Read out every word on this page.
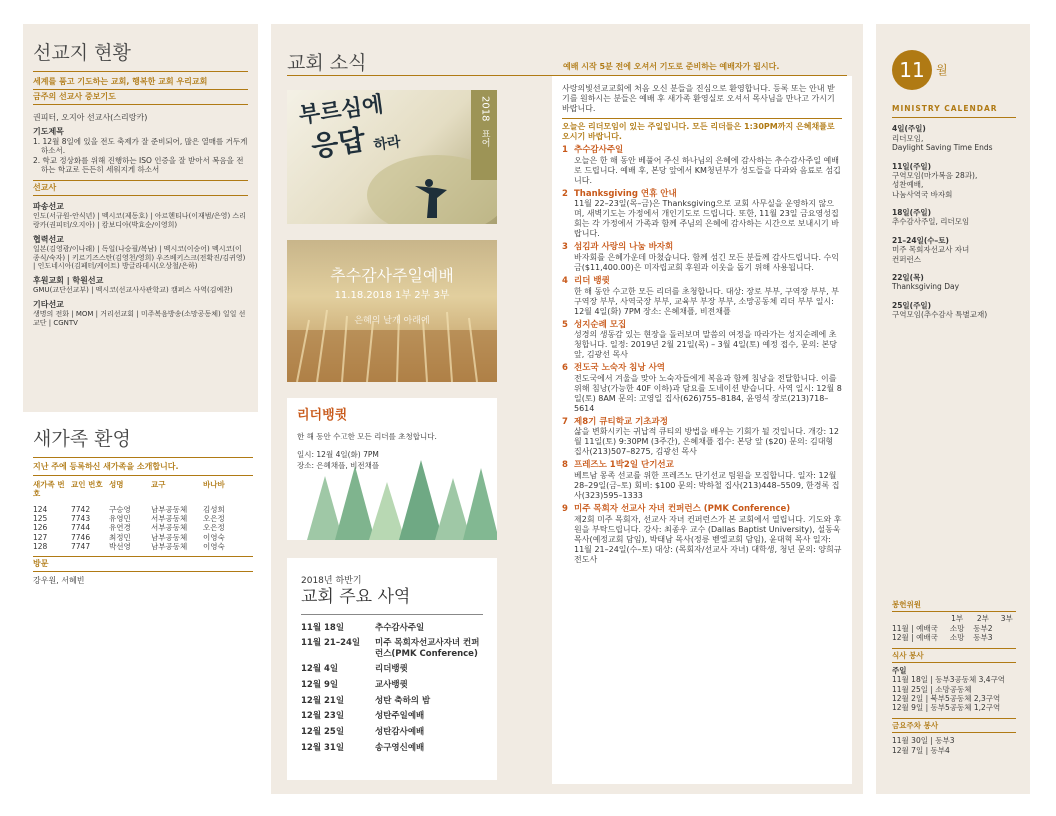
선교지 현황
세계를 품고 기도하는 교회, 행복한 교회 우리교회
금주의 선교사 중보기도
권피터, 오지아 선교사(스리랑카)
기도제목
1. 12월 8일에 있을 전도 축제가 잘 준비되어, 많은 열매를 거두게 하소서.
2. 학교 정상화를 위해 진행하는 ISO 인증을 잘 받아서 복음을 전하는 학교로 든든히 세워지게 하소서
선교사
파송선교
인도(서규원-안식년) | 멕시코(제동호) | 아르헨티나(이재범/은영) 스리랑카(권피터/오지아) | 캄보디아(박효순/이영희)
협력선교
일본(김영광/이나래) | 독일(나승필/복남) | 멕시코(이승어) 멕시코(이종식/숙자) | 키르기즈스탄(김영천/영희) 우즈베키스크(전확진/김귀영) | 인도네시아(김페터/케이트) 방글라데시(오상철/은하)
후원교회 | 학원선교
GMU(교단선교부) | 멕시코(선교사사관학교) 캠퍼스 사역(김예찬)
기타선교
생명의 전화 | MOM | 거리선교회 | 미주복음방송(소망공동체) 일일 선교단 | CGNTV
새가족 환영
지난 주에 등록하신 새가족을 소개합니다.
새가족 번호	교인 번호	성명	교구	바나바

124	7742	구승영	남부공동체	김성희
125	7743	유영민	서부공동체	오은정
126	7744	유연경	서부공동체	오은정
127	7746	최정민	남부공동체	이영숙
128	7747	박선영	남부공동체	이영숙
방문
강우원, 서혜빈
교회 소식	예배 시작 5분 전에 오셔서 기도로 준비하는 예배자가 됩시다.
부르심에
응답 하라
2018
표어
추수감사주일예배
11.18.2018 1부 2부 3부
은혜의 날개 아래에
리더뱅큇
한 해 동안 수고한 모든 리더를 초청합니다.
일시: 12월 4일(화) 7PM
장소: 은혜채플, 비전채플
2018년 하반기
교회 주요 사역
11월 18일	추수감사주일
11월 21–24일	미주 목회자선교사자녀 컨퍼런스(PMK Conference)
12월 4일	리더뱅큇
12월 9일	교사뱅큇
12월 21일	성탄 축하의 밤
12월 23일	성탄주일예배
12월 25일	성탄감사예배
12월 31일	송구영신예배
사랑의빛선교교회에 처음 오신 분들을 진심으로 환영합니다. 등록 또는 안내 받기를 원하시는 분들은 예배 후 새가족 환영실로 오셔서 목사님을 만나고 가시기 바랍니다.
오늘은 리더모임이 있는 주일입니다. 모든 리더들은 1:30PM까지 은혜채플로 오시기 바랍니다.
1 추수감사주일
오늘은 한 해 동안 베풀어 주신 하나님의 은혜에 감사하는 추수감사주일 예배로 드립니다. 예배 후, 본당 앞에서 KM청년부가 성도들을 다과와 음료로 섬깁니다.
2 Thanksgiving 연휴 안내
11월 22–23일(목–금)은 Thanksgiving으로 교회 사무실을 운영하지 않으며, 새벽기도는 가정에서 개인기도로 드립니다. 또한, 11월 23일 금요영성집회는 각 가정에서 가족과 함께 주님의 은혜에 감사하는 시간으로 보내시기 바랍니다.
3 섬김과 사랑의 나눔 바자회
바자회를 은혜가운데 마쳤습니다. 함께 섬긴 모든 분들께 감사드립니다. 수익금($11,400.00)은 미자립교회 후원과 이웃을 돕기 위해 사용됩니다.
4 리더 뱅큇
한 해 동안 수고한 모든 리더를 초청합니다. 대상: 장로 부부, 구역장 부부, 부구역장 부부, 사역국장 부부, 교육부 부장 부부, 소망공동체 리더 부부 일시: 12월 4일(화) 7PM 장소: 은혜채플, 비전채플
5 성지순례 모집
성경의 생동감 있는 현장을 돌러보며 말씀의 여정을 따라가는 성지순례에 초청합니다. 일정: 2019년 2월 21일(목) – 3월 4일(토) 예정 접수, 문의: 본당 앞, 김광선 목사
6 전도국 노숙자 침낭 사역
전도국에서 겨울을 맞아 노숙자들에게 복음과 함께 침낭을 전달합니다. 이를 위해 침낭(가능한 40F 이하)과 담요를 도네이션 받습니다. 사역 일시: 12월 8일(토) 8AM 문의: 고영일 집사(626)755–8184, 윤영석 장로(213)718–5614
7 제8기 큐티학교 기초과정
삶을 변화시키는 귀납적 큐티의 방법을 배우는 기회가 될 것입니다. 개강: 12월 11일(토) 9:30PM (3주간), 은혜채플 접수: 본당 앞 ($20) 문의: 김대형 집사(213)507–8275, 김광선 목사
8 프레즈노 1박2일 단기선교
베트남 몽족 선교를 위한 프레즈노 단기선교 팀원을 모집합니다. 일자: 12월 28–29일(금–토) 회비: $100 문의: 박하철 집사(213)448–5509, 한경록 집사(323)595–1333
9 미주 목회자 선교사 자녀 컨퍼런스 (PMK Conference)
제2회 미주 목회자, 선교사 자녀 컨퍼런스가 본 교회에서 열립니다. 기도와 후원을 부탁드립니다. 강사: 최종우 교수 (Dallas Baptist University), 설동욱 목사(예정교회 담임), 박태남 목사(정릉 벧엘교회 담임), 윤대혁 목사 일자: 11월 21–24일(수–토) 대상: (목회자/선교사 자녀) 대학생, 청년 문의: 양희규 전도사
11 월
MINISTRY CALENDAR
4일(주일)
리더모임,
Daylight Saving Time Ends
11일(주일)
구역모임(마가복음 28과),
성찬예배,
나눔사역국 바자회
18일(주일)
추수감사주일, 리더모임
21–24일(수–토)
미주 목회자선교사 자녀
컨퍼런스
22일(목)
Thanksgiving Day
25일(주일)
구역모임(추수감사 특별교재)
봉헌위원
	1부	2부	3부
11월 | 예배국	소망	동부2	
12월 | 예배국	소망	동부3	
식사 봉사
주일
11월 18일 | 동부3공동체 3,4구역
11월 25일 | 소망공동체
12월 2일 | 북부5공동체 2,3구역
12월 9일 | 동부5공동체 1,2구역
금요주차 봉사
11월 30일 | 동부3
12월 7일 | 동부4
